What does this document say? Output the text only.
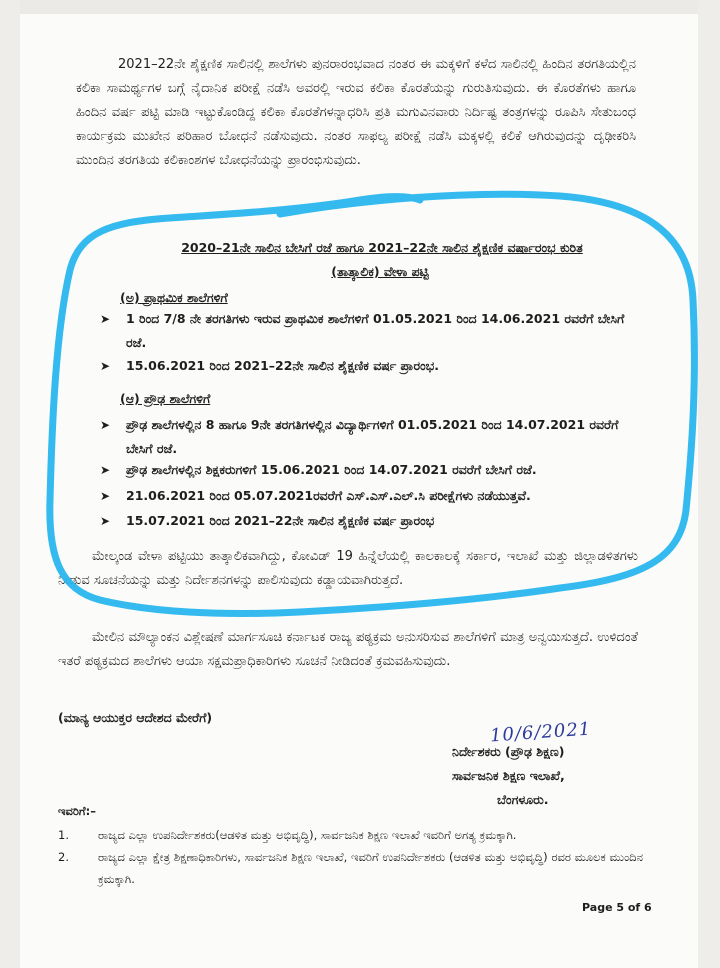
2021–22ನೇ ಶೈಕ್ಷಣಿಕ ಸಾಲಿನಲ್ಲಿ ಶಾಲೆಗಳು ಪುನರಾರಂಭವಾದ ನಂತರ ಈ ಮಕ್ಕಳಿಗೆ ಕಳೆದ ಸಾಲಿನಲ್ಲಿ ಹಿಂದಿನ ತರಗತಿಯಲ್ಲಿನ ಕಲಿಕಾ ಸಾಮರ್ಥ್ಯಗಳ ಬಗ್ಗೆ ನೈದಾನಿಕ ಪರೀಕ್ಷೆ ನಡೆಸಿ ಅವರಲ್ಲಿ ಇರುವ ಕಲಿಕಾ ಕೊರತೆಯನ್ನು ಗುರುತಿಸುವುದು. ಈ ಕೊರತೆಗಳು ಹಾಗೂ ಹಿಂದಿನ ವರ್ಷ ಪಟ್ಟಿ ಮಾಡಿ ಇಟ್ಟುಕೊಂಡಿದ್ದ ಕಲಿಕಾ ಕೊರತೆಗಳನ್ನಾಧರಿಸಿ ಪ್ರತಿ ಮಗುವಿನವಾರು ನಿರ್ದಿಷ್ಟ ತಂತ್ರಗಳನ್ನು ರೂಪಿಸಿ ಸೇತುಬಂಧ ಕಾರ್ಯಕ್ರಮ ಮುಖೇನ ಪರಿಹಾರ ಬೋಧನೆ ನಡೆಸುವುದು. ನಂತರ ಸಾಫಲ್ಯ ಪರೀಕ್ಷೆ ನಡೆಸಿ ಮಕ್ಕಳಲ್ಲಿ ಕಲಿಕೆ ಆಗಿರುವುದನ್ನು ದೃಢೀಕರಿಸಿ ಮುಂದಿನ ತರಗತಿಯ ಕಲಿಕಾಂಶಗಳ ಬೋಧನೆಯನ್ನು ಪ್ರಾರಂಭಿಸುವುದು.
2020–21ನೇ ಸಾಲಿನ ಬೇಸಿಗೆ ರಜೆ ಹಾಗೂ 2021–22ನೇ ಸಾಲಿನ ಶೈಕ್ಷಣಿಕ ವರ್ಷಾರಂಭ ಕುರಿತ
(ತಾತ್ಕಾಲಿಕ) ವೇಳಾ ಪಟ್ಟಿ
(ಅ) ಪ್ರಾಥಮಿಕ ಶಾಲೆಗಳಿಗೆ
➤	1 ರಿಂದ 7/8 ನೇ ತರಗತಿಗಳು ಇರುವ ಪ್ರಾಥಮಿಕ ಶಾಲೆಗಳಿಗೆ 01.05.2021 ರಿಂದ 14.06.2021 ರವರೆಗೆ ಬೇಸಿಗೆ ರಜೆ.
➤	15.06.2021 ರಿಂದ 2021–22ನೇ ಸಾಲಿನ ಶೈಕ್ಷಣಿಕ ವರ್ಷ ಪ್ರಾರಂಭ.
(ಆ) ಪ್ರೌಢ ಶಾಲೆಗಳಿಗೆ
➤	ಪ್ರೌಢ ಶಾಲೆಗಳಲ್ಲಿನ 8 ಹಾಗೂ 9ನೇ ತರಗತಿಗಳಲ್ಲಿನ ವಿದ್ಯಾರ್ಥಿಗಳಿಗೆ 01.05.2021 ರಿಂದ 14.07.2021 ರವರೆಗೆ ಬೇಸಿಗೆ ರಜೆ.
➤	ಪ್ರೌಢ ಶಾಲೆಗಳಲ್ಲಿನ ಶಿಕ್ಷಕರುಗಳಿಗೆ 15.06.2021 ರಿಂದ 14.07.2021 ರವರೆಗೆ ಬೇಸಿಗೆ ರಜೆ.
➤	21.06.2021 ರಿಂದ 05.07.2021ರವರೆಗೆ ಎಸ್.ಎಸ್.ಎಲ್.ಸಿ ಪರೀಕ್ಷೆಗಳು ನಡೆಯುತ್ತವೆ.
➤	15.07.2021 ರಿಂದ 2021–22ನೇ ಸಾಲಿನ ಶೈಕ್ಷಣಿಕ ವರ್ಷ ಪ್ರಾರಂಭ
ಮೇಲ್ಕಂಡ ವೇಳಾ ಪಟ್ಟಿಯು ತಾತ್ಕಾಲಿಕವಾಗಿದ್ದು, ಕೋವಿಡ್ 19 ಹಿನ್ನೆಲೆಯಲ್ಲಿ ಕಾಲಕಾಲಕ್ಕೆ ಸರ್ಕಾರ, ಇಲಾಖೆ ಮತ್ತು ಜಿಲ್ಲಾಡಳಿತಗಳು ನೀಡುವ ಸೂಚನೆಯನ್ನು ಮತ್ತು ನಿರ್ದೇಶನಗಳನ್ನು ಪಾಲಿಸುವುದು ಕಡ್ಡಾಯವಾಗಿರುತ್ತದೆ.
ಮೇಲಿನ ಮೌಲ್ಯಾಂಕನ ವಿಶ್ಲೇಷಣೆ ಮಾರ್ಗಸೂಚಿ ಕರ್ನಾಟಕ ರಾಜ್ಯ ಪಠ್ಯಕ್ರಮ ಅನುಸರಿಸುವ ಶಾಲೆಗಳಿಗೆ ಮಾತ್ರ ಅನ್ವಯಿಸುತ್ತದೆ. ಉಳಿದಂತೆ ಇತರೆ ಪಠ್ಯಕ್ರಮದ ಶಾಲೆಗಳು ಆಯಾ ಸಕ್ಷಮಪ್ರಾಧಿಕಾರಿಗಳು ಸೂಚನೆ ನೀಡಿದಂತೆ ಕ್ರಮವಹಿಸುವುದು.
(ಮಾನ್ಯ ಆಯುಕ್ತರ ಆದೇಶದ ಮೇರೆಗೆ)
10/6/2021
ನಿರ್ದೇಶಕರು (ಪ್ರೌಢ ಶಿಕ್ಷಣ)
ಸಾರ್ವಜನಿಕ ಶಿಕ್ಷಣ ಇಲಾಖೆ,
ಬೆಂಗಳೂರು.
ಇವರಿಗೆ:–
1.	ರಾಜ್ಯದ ಎಲ್ಲಾ ಉಪನಿರ್ದೇಶಕರು(ಆಡಳಿತ ಮತ್ತು ಅಭಿವೃದ್ಧಿ), ಸಾರ್ವಜನಿಕ ಶಿಕ್ಷಣ ಇಲಾಖೆ ಇವರಿಗೆ ಅಗತ್ಯ ಕ್ರಮಕ್ಕಾಗಿ.
2.	ರಾಜ್ಯದ ಎಲ್ಲಾ ಕ್ಷೇತ್ರ ಶಿಕ್ಷಣಾಧಿಕಾರಿಗಳು, ಸಾರ್ವಜನಿಕ ಶಿಕ್ಷಣ ಇಲಾಖೆ, ಇವರಿಗೆ ಉಪನಿರ್ದೇಶಕರು (ಆಡಳಿತ ಮತ್ತು ಅಭಿವೃದ್ಧಿ) ರವರ ಮೂಲಕ ಮುಂದಿನ ಕ್ರಮಕ್ಕಾಗಿ.
Page 5 of 6
